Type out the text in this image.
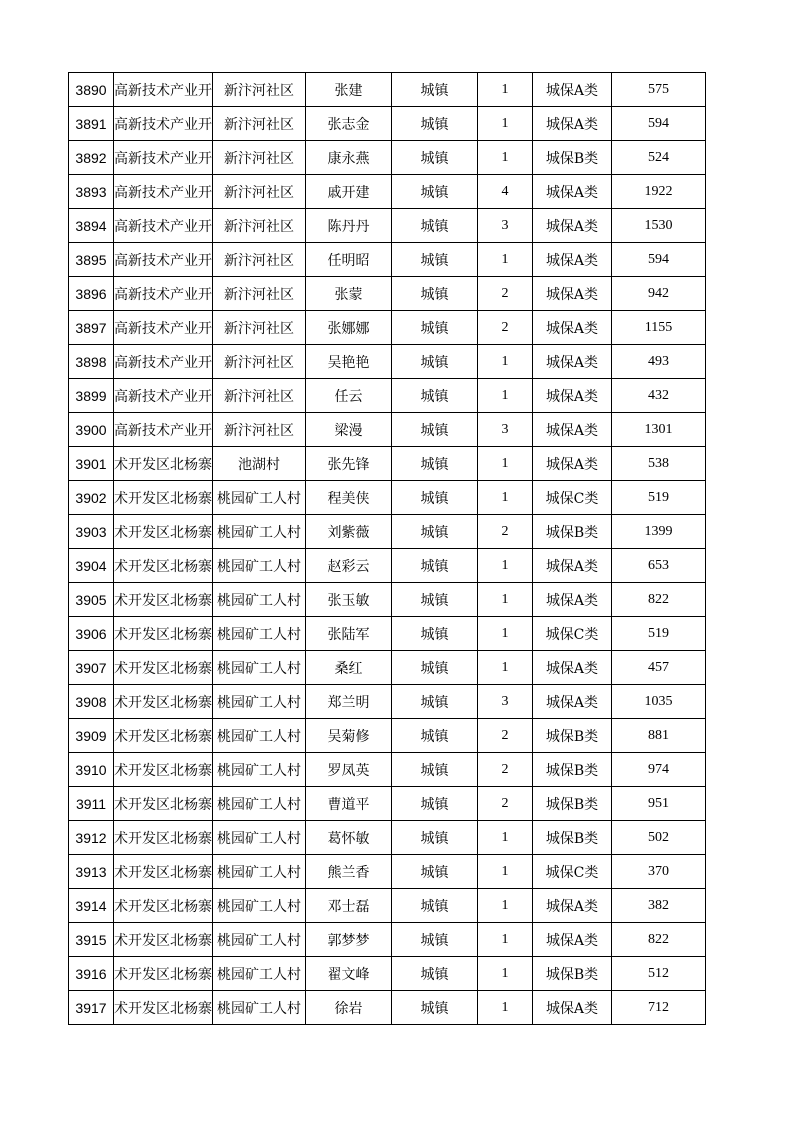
3890	高新技术产业开	新汴河社区	张建	城镇	1	城保A类	575
3891	高新技术产业开	新汴河社区	张志金	城镇	1	城保A类	594
3892	高新技术产业开	新汴河社区	康永燕	城镇	1	城保B类	524
3893	高新技术产业开	新汴河社区	戚开建	城镇	4	城保A类	1922
3894	高新技术产业开	新汴河社区	陈丹丹	城镇	3	城保A类	1530
3895	高新技术产业开	新汴河社区	任明昭	城镇	1	城保A类	594
3896	高新技术产业开	新汴河社区	张蒙	城镇	2	城保A类	942
3897	高新技术产业开	新汴河社区	张娜娜	城镇	2	城保A类	1155
3898	高新技术产业开	新汴河社区	吴艳艳	城镇	1	城保A类	493
3899	高新技术产业开	新汴河社区	任云	城镇	1	城保A类	432
3900	高新技术产业开	新汴河社区	梁漫	城镇	3	城保A类	1301
3901	术开发区北杨寨	池湖村	张先锋	城镇	1	城保A类	538
3902	术开发区北杨寨	桃园矿工人村	程美侠	城镇	1	城保C类	519
3903	术开发区北杨寨	桃园矿工人村	刘紫薇	城镇	2	城保B类	1399
3904	术开发区北杨寨	桃园矿工人村	赵彩云	城镇	1	城保A类	653
3905	术开发区北杨寨	桃园矿工人村	张玉敏	城镇	1	城保A类	822
3906	术开发区北杨寨	桃园矿工人村	张陆军	城镇	1	城保C类	519
3907	术开发区北杨寨	桃园矿工人村	桑红	城镇	1	城保A类	457
3908	术开发区北杨寨	桃园矿工人村	郑兰明	城镇	3	城保A类	1035
3909	术开发区北杨寨	桃园矿工人村	吴菊修	城镇	2	城保B类	881
3910	术开发区北杨寨	桃园矿工人村	罗凤英	城镇	2	城保B类	974
3911	术开发区北杨寨	桃园矿工人村	曹道平	城镇	2	城保B类	951
3912	术开发区北杨寨	桃园矿工人村	葛怀敏	城镇	1	城保B类	502
3913	术开发区北杨寨	桃园矿工人村	熊兰香	城镇	1	城保C类	370
3914	术开发区北杨寨	桃园矿工人村	邓士磊	城镇	1	城保A类	382
3915	术开发区北杨寨	桃园矿工人村	郭梦梦	城镇	1	城保A类	822
3916	术开发区北杨寨	桃园矿工人村	翟文峰	城镇	1	城保B类	512
3917	术开发区北杨寨	桃园矿工人村	徐岩	城镇	1	城保A类	712
